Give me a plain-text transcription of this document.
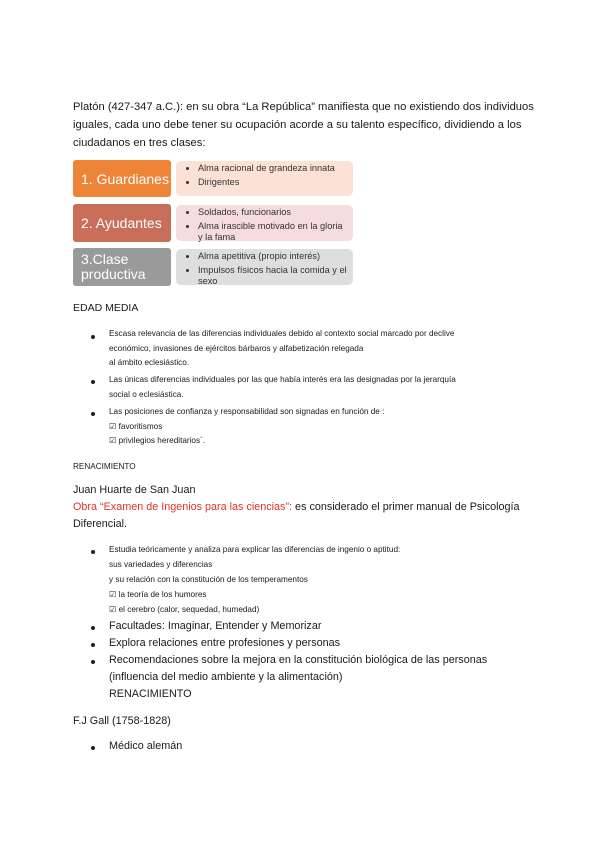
Platón (427-347 a.C.): en su obra “La República” manifiesta que no existiendo dos individuos iguales, cada uno debe tener su ocupación acorde a su talento específico, dividiendo a los ciudadanos en tres clases:
1. Guardianes
• Alma racional de grandeza innata
• Dirigentes
2. Ayudantes
• Soldados, funcionarios
• Alma irascible motivado en la gloria y la fama
3.Clase productiva
• Alma apetitiva (propio interés)
• Impulsos físicos hacia la comida y el sexo
EDAD MEDIA
Escasa relevancia de las diferencias individuales debido al contexto social marcado por declive
económico, invasiones de ejércitos bárbaros y alfabetización relegada
al ámbito eclesiástico.
Las únicas diferencias individuales por las que había interés era las designadas por la jerarquía
social o eclesiástica.
Las posiciones de confianza y responsabilidad son signadas en función de :
☑ favoritismos
☑ privilegios hereditarios´.
RENACIMIENTO
Juan Huarte de San Juan
Obra “Examen de Ingenios para las ciencias”: es considerado el primer manual de Psicología
Diferencial.
Estudia teóricamente y analiza para explicar las diferencias de ingenio o aptitud:
sus variedades y diferencias
y su relación con la constitución de los temperamentos
☑ la teoría de los humores
☑ el cerebro (calor, sequedad, humedad)
Facultades: Imaginar, Entender y Memorizar
Explora relaciones entre profesiones y personas
Recomendaciones sobre la mejora en la constitución biológica de las personas
(influencia del medio ambiente y la alimentación)
RENACIMIENTO
F.J Gall (1758-1828)
Médico alemán
